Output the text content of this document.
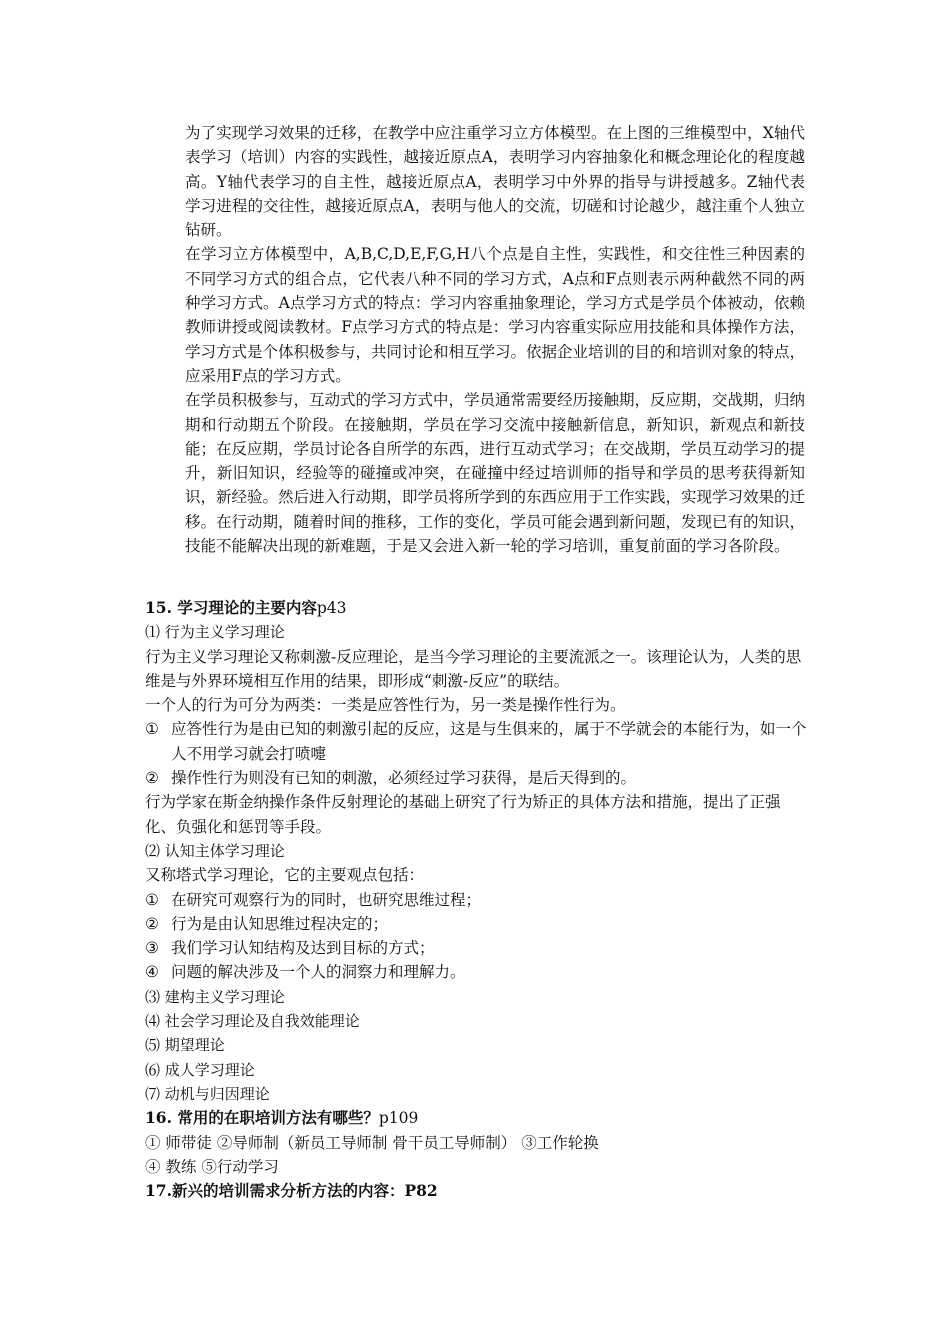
为了实现学习效果的迁移，在教学中应注重学习立方体模型。在上图的三维模型中，X轴代表学习（培训）内容的实践性，越接近原点A，表明学习内容抽象化和概念理论化的程度越高。Y轴代表学习的自主性，越接近原点A，表明学习中外界的指导与讲授越多。Z轴代表学习进程的交往性，越接近原点A，表明与他人的交流，切磋和讨论越少，越注重个人独立钻研。

在学习立方体模型中，A,B,C,D,E,F,G,H八个点是自主性，实践性，和交往性三种因素的不同学习方式的组合点，它代表八种不同的学习方式，A点和F点则表示两种截然不同的两种学习方式。A点学习方式的特点：学习内容重抽象理论，学习方式是学员个体被动，依赖教师讲授或阅读教材。F点学习方式的特点是：学习内容重实际应用技能和具体操作方法，学习方式是个体积极参与，共同讨论和相互学习。依据企业培训的目的和培训对象的特点，应采用F点的学习方式。

在学员积极参与，互动式的学习方式中，学员通常需要经历接触期，反应期，交战期，归纳期和行动期五个阶段。在接触期，学员在学习交流中接触新信息，新知识，新观点和新技能；在反应期，学员讨论各自所学的东西，进行互动式学习；在交战期，学员互动学习的提升，新旧知识，经验等的碰撞或冲突，在碰撞中经过培训师的指导和学员的思考获得新知识，新经验。然后进入行动期，即学员将所学到的东西应用于工作实践，实现学习效果的迁移。在行动期，随着时间的推移，工作的变化，学员可能会遇到新问题，发现已有的知识，技能不能解决出现的新难题，于是又会进入新一轮的学习培训，重复前面的学习各阶段。

15. 学习理论的主要内容p43

⑴ 行为主义学习理论

行为主义学习理论又称刺激-反应理论，是当今学习理论的主要流派之一。该理论认为，人类的思维是与外界环境相互作用的结果，即形成“刺激-反应”的联结。

一个人的行为可分为两类：一类是应答性行为，另一类是操作性行为。

① 应答性行为是由已知的刺激引起的反应，这是与生俱来的，属于不学就会的本能行为，如一个人不用学习就会打喷嚏
② 操作性行为则没有已知的刺激，必须经过学习获得，是后天得到的。

行为学家在斯金纳操作条件反射理论的基础上研究了行为矫正的具体方法和措施，提出了正强化、负强化和惩罚等手段。

⑵ 认知主体学习理论

又称塔式学习理论，它的主要观点包括：

① 在研究可观察行为的同时，也研究思维过程；
② 行为是由认知思维过程决定的；
③ 我们学习认知结构及达到目标的方式；
④ 问题的解决涉及一个人的洞察力和理解力。

⑶ 建构主义学习理论

⑷ 社会学习理论及自我效能理论

⑸ 期望理论

⑹ 成人学习理论

⑺ 动机与归因理论

16. 常用的在职培训方法有哪些？p109

① 师带徒 ②导师制（新员工导师制 骨干员工导师制） ③工作轮换

④ 教练 ⑤行动学习

17.新兴的培训需求分析方法的内容：P82
